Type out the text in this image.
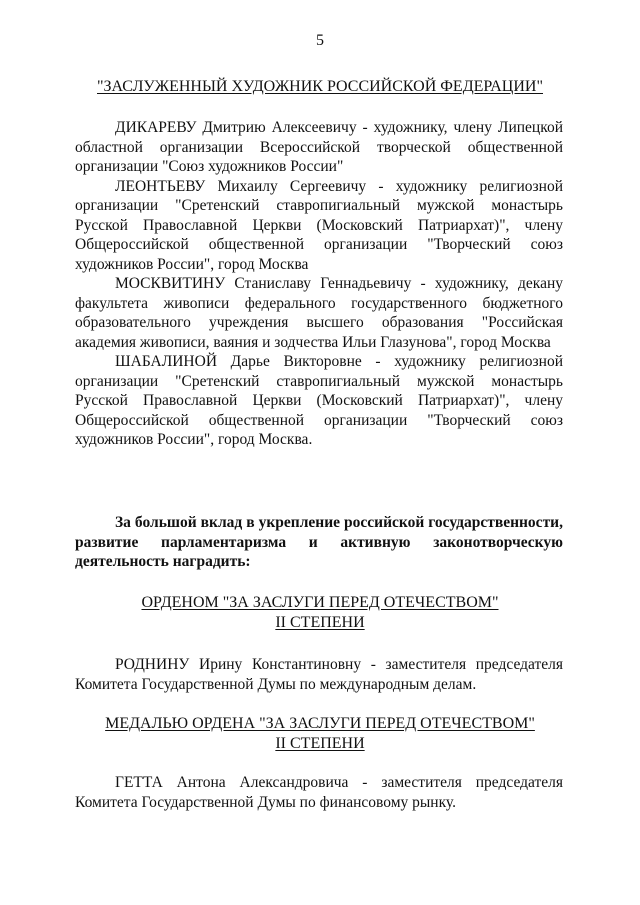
5
"ЗАСЛУЖЕННЫЙ ХУДОЖНИК РОССИЙСКОЙ ФЕДЕРАЦИИ"

ДИКАРЕВУ Дмитрию Алексеевичу - художнику, члену Липецкой областной организации Всероссийской творческой общественной организации "Союз художников России"

ЛЕОНТЬЕВУ Михаилу Сергеевичу - художнику религиозной организации "Сретенский ставропигиальный мужской монастырь Русской Православной Церкви (Московский Патриархат)", члену Общероссийской общественной организации "Творческий союз художников России", город Москва

МОСКВИТИНУ Станиславу Геннадьевичу - художнику, декану факультета живописи федерального государственного бюджетного образовательного учреждения высшего образования "Российская академия живописи, ваяния и зодчества Ильи Глазунова", город Москва

ШАБАЛИНОЙ Дарье Викторовне - художнику религиозной организации "Сретенский ставропигиальный мужской монастырь Русской Православной Церкви (Московский Патриархат)", члену Общероссийской общественной организации "Творческий союз художников России", город Москва.

За большой вклад в укрепление российской государственности, развитие парламентаризма и активную законотворческую деятельность наградить:

ОРДЕНОМ "ЗА ЗАСЛУГИ ПЕРЕД ОТЕЧЕСТВОМ"
II СТЕПЕНИ

РОДНИНУ Ирину Константиновну - заместителя председателя Комитета Государственной Думы по международным делам.

МЕДАЛЬЮ ОРДЕНА "ЗА ЗАСЛУГИ ПЕРЕД ОТЕЧЕСТВОМ"
II СТЕПЕНИ

ГЕТТА Антона Александровича - заместителя председателя Комитета Государственной Думы по финансовому рынку.
